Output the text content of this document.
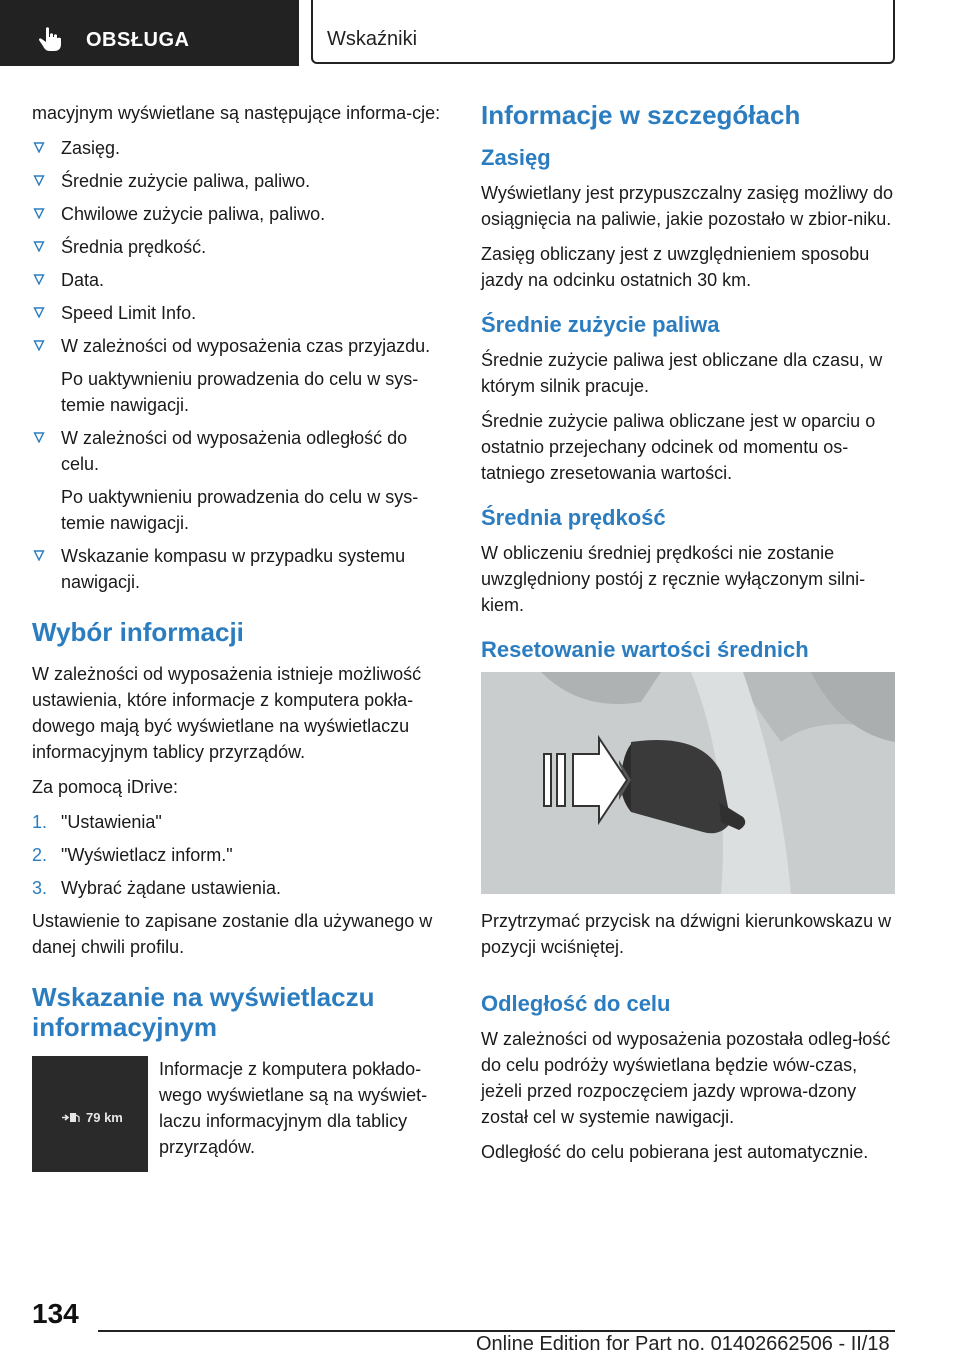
OBSŁUGA	Wskaźniki

macyjnym wyświetlane są następujące informa-cje:

Zasięg.
Średnie zużycie paliwa, paliwo.
Chwilowe zużycie paliwa, paliwo.
Średnia prędkość.
Data.
Speed Limit Info.
W zależności od wyposażenia czas przyjazdu.
Po uaktywnieniu prowadzenia do celu w sys-temie nawigacji.
W zależności od wyposażenia odległość do celu.
Po uaktywnieniu prowadzenia do celu w sys-temie nawigacji.
Wskazanie kompasu w przypadku systemu nawigacji.
Wybór informacji

W zależności od wyposażenia istnieje możliwość ustawienia, które informacje z komputera pokła-dowego mają być wyświetlane na wyświetlaczu informacyjnym tablicy przyrządów.

Za pomocą iDrive:

1. "Ustawienia"
2. "Wyświetlacz inform."
3. Wybrać żądane ustawienia.

Ustawienie to zapisane zostanie dla używanego w danej chwili profilu.

Wskazanie na wyświetlaczu informacyjnym
79 km

Informacje z komputera pokłado-wego wyświetlane są na wyświet-laczu informacyjnym dla tablicy przyrządów.

Informacje w szczegółach
Zasięg

Wyświetlany jest przypuszczalny zasięg możliwy do osiągnięcia na paliwie, jakie pozostało w zbior-niku.

Zasięg obliczany jest z uwzględnieniem sposobu jazdy na odcinku ostatnich 30 km.

Średnie zużycie paliwa

Średnie zużycie paliwa jest obliczane dla czasu, w którym silnik pracuje.

Średnie zużycie paliwa obliczane jest w oparciu o ostatnio przejechany odcinek od momentu os-tatniego zresetowania wartości.

Średnia prędkość

W obliczeniu średniej prędkości nie zostanie uwzględniony postój z ręcznie wyłączonym silni-kiem.

Resetowanie wartości średnich

Przytrzymać przycisk na dźwigni kierunkowskazu w pozycji wciśniętej.

Odległość do celu

W zależności od wyposażenia pozostała odleg-łość do celu podróży wyświetlana będzie wów-czas, jeżeli przed rozpoczęciem jazdy wprowa-dzony został cel w systemie nawigacji.

Odległość do celu pobierana jest automatycznie.

134
Online Edition for Part no. 01402662506 - II/18
